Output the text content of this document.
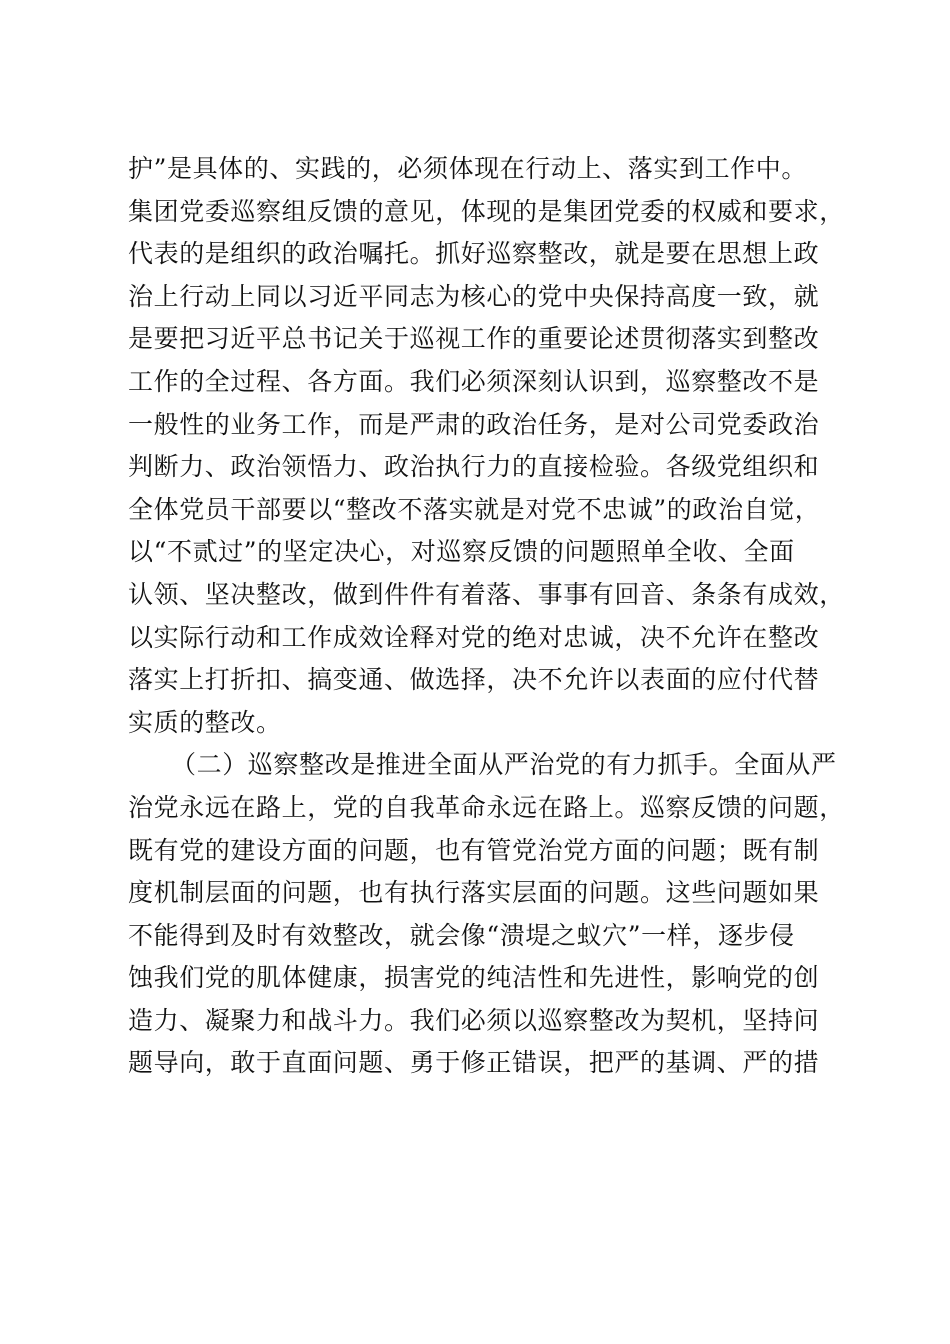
护”是具体的、实践的，必须体现在行动上、落实到工作中。
集团党委巡察组反馈的意见，体现的是集团党委的权威和要求，
代表的是组织的政治嘱托。抓好巡察整改，就是要在思想上政
治上行动上同以习近平同志为核心的党中央保持高度一致，就
是要把习近平总书记关于巡视工作的重要论述贯彻落实到整改
工作的全过程、各方面。我们必须深刻认识到，巡察整改不是
一般性的业务工作，而是严肃的政治任务，是对公司党委政治
判断力、政治领悟力、政治执行力的直接检验。各级党组织和
全体党员干部要以“整改不落实就是对党不忠诚”的政治自觉，
以“不贰过”的坚定决心，对巡察反馈的问题照单全收、全面
认领、坚决整改，做到件件有着落、事事有回音、条条有成效，
以实际行动和工作成效诠释对党的绝对忠诚，决不允许在整改
落实上打折扣、搞变通、做选择，决不允许以表面的应付代替
实质的整改。
（二）巡察整改是推进全面从严治党的有力抓手。全面从严
治党永远在路上，党的自我革命永远在路上。巡察反馈的问题，
既有党的建设方面的问题，也有管党治党方面的问题；既有制
度机制层面的问题，也有执行落实层面的问题。这些问题如果
不能得到及时有效整改，就会像“溃堤之蚁穴”一样，逐步侵
蚀我们党的肌体健康，损害党的纯洁性和先进性，影响党的创
造力、凝聚力和战斗力。我们必须以巡察整改为契机，坚持问
题导向，敢于直面问题、勇于修正错误，把严的基调、严的措
